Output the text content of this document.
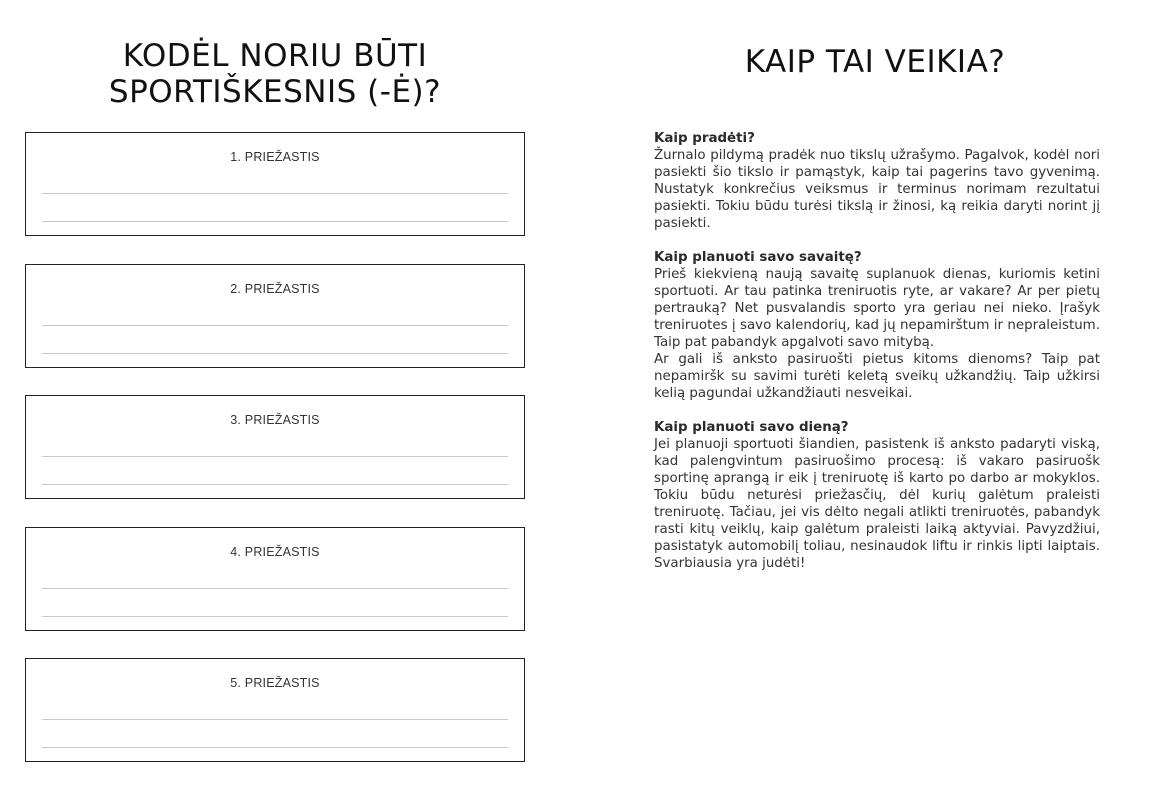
KODĖL NORIU BŪTI
SPORTIŠKESNIS (-Ė)?
1. PRIEŽASTIS
2. PRIEŽASTIS
3. PRIEŽASTIS
4. PRIEŽASTIS
5. PRIEŽASTIS
KAIP TAI VEIKIA?

Kaip pradėti?

Žurnalo pildymą pradėk nuo tikslų užrašymo. Pagalvok, kodėl nori pasiekti šio tikslo ir pamąstyk, kaip tai pagerins tavo gyvenimą. Nustatyk konkrečius veiksmus ir terminus norimam rezultatui pasiekti. Tokiu būdu turėsi tikslą ir žinosi, ką reikia daryti norint jį pasiekti.

Kaip planuoti savo savaitę?

Prieš kiekvieną naują savaitę suplanuok dienas, kuriomis ketini sportuoti. Ar tau patinka treniruotis ryte, ar vakare? Ar per pietų pertrauką? Net pusvalandis sporto yra geriau nei nieko. Įrašyk treniruotes į savo kalendorių, kad jų nepamirštum ir nepraleistum. Taip pat pabandyk apgalvoti savo mitybą.

Ar gali iš anksto pasiruošti pietus kitoms dienoms? Taip pat nepamiršk su savimi turėti keletą sveikų užkandžių. Taip užkirsi kelią pagundai užkandžiauti nesveikai.

Kaip planuoti savo dieną?

Jei planuoji sportuoti šiandien, pasistenk iš anksto padaryti viską, kad palengvintum pasiruošimo procesą: iš vakaro pasiruošk sportinę aprangą ir eik į treniruotę iš karto po darbo ar mokyklos. Tokiu būdu neturėsi priežasčių, dėl kurių galėtum praleisti treniruotę. Tačiau, jei vis dėlto negali atlikti treniruotės, pabandyk rasti kitų veiklų, kaip galėtum praleisti laiką aktyviai. Pavyzdžiui, pasistatyk automobilį toliau, nesinaudok liftu ir rinkis lipti laiptais. Svarbiausia yra judėti!
